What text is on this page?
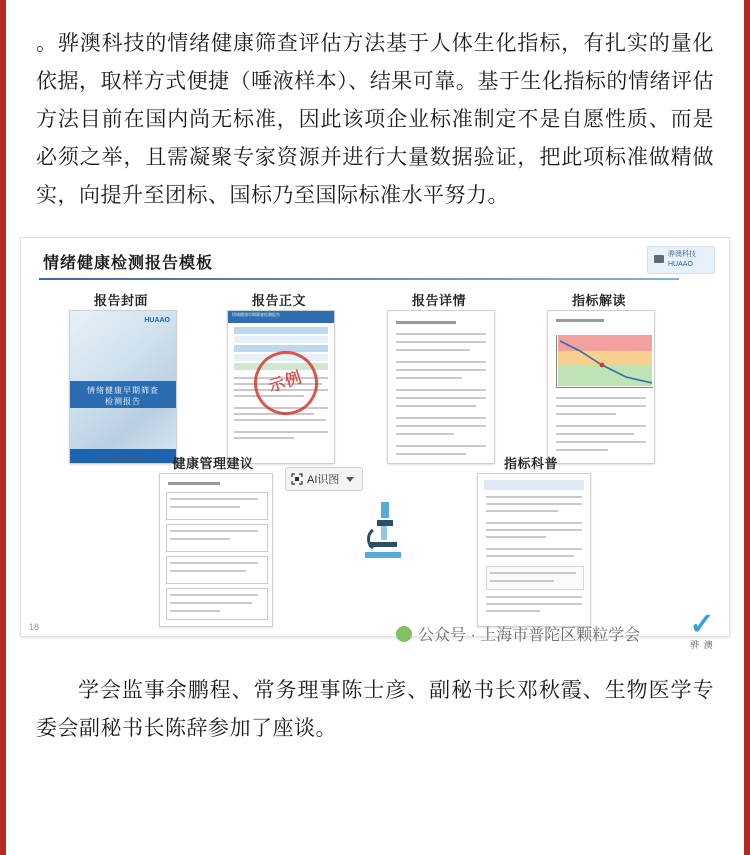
。骅澳科技的情绪健康筛查评估方法基于人体生化指标，有扎实的量化依据，取样方式便捷（唾液样本）、结果可靠。基于生化指标的情绪评估方法目前在国内尚无标准，因此该项企业标准制定不是自愿性质、而是必须之举，且需凝聚专家资源并进行大量数据验证，把此项标准做精做实，向提升至团标、国标乃至国际标准水平努力。

情绪健康检测报告模板
骅澳科技
HUAAO
报告封面	报告正文	报告详情	指标解读
HUAAO
情绪健康早期筛查
检测报告
上海骅澳生物科技有限公司
情绪健康早期筛查检测报告
示例
AI识图
健康管理建议	指标科普
18	公众号 · 上海市普陀区颗粒学会 ✓
骅 澳

学会监事余鹏程、常务理事陈士彦、副秘书长邓秋霞、生物医学专委会副秘书长陈辞参加了座谈。
